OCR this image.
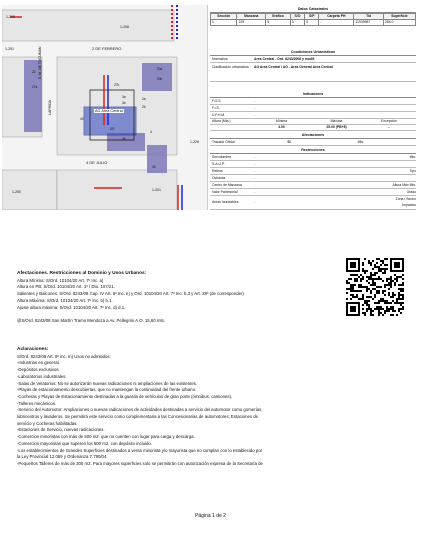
1-205
1-206
2 DE FEBRERO
1-251	S. M. DE TUCUMAN
LAPRIDA	AG Area Central
4 DE JULIO
1-226
1-250	1-201
20a
20b
27b
40
2a
2b
3a
3b
37f
38
4
26
22
27a
Datos Catastrales
Sección	Manzana	Gráfico	S/O	S/P	Carpeta PH	Tid	Superficie
1	229	9	3	0	-	11939987	284.0
Condiciones Urbanísticas
Normativa	Area Central - Ord. 8243/2008 y modif.
Clasificación urbanística	AG Area Central / AG - Area General Area Central
Indicadores
F.O.S.	-
F.I.S.	-
U.F.H.M.	-
Altura (Mts.)	Mínima	Máxima	Excepción
4.00	25.00 (PB+8)	-
Afectaciones
Trazado Oficial	SI	Mts.
Restricciones
Servidumbre	-	Mts.
S.A.U.P.	-
Retiros	-	Tipo
Ochavas	-
Centro de Manzana	-	Altura Máx Mts.
Valor Patrimonial	-	Grado
Areas Inundables	-
Zona / Sector
Impactos

Afectaciones. Restricciones al Dominio y Usos Urbanos:

Altura Mínima: S/Ord. 10104/20 Art. 7º Inc. a)

Altura en PB: S/Ord. 10104/20 Art. 1º / Dto. 107/21.

Salientes y Balcones: S/Ord. 8243/08 Cap. IV Art. 6º Inc. e) y Ord. 10104/20 Art. 7º Inc. b.3 y Art. 28º (de corresponder)

Altura Máxima: S/Ord. 10104/20 Art. 7º Inc. b) b.1.

Ajuste altura máxima: S/Ord. 10104/20 Art. 7º Inc. d) d.1.

@S/Ord. 8243/08 San Martín Tramo Mendoza a Av. Pellegrini A.O. 15,60 mts.

Aclaraciones:

S/Ord. 8243/08 Art. 8º inc. m) Usos no admitidos:

-Industrias en general.

-Depósitos exclusivos.

-Laboratorios industriales.

-Salas de Velatorios: No se autorizarán nuevas radicaciones ni ampliaciones de las existentes.

-Playas de estacionamiento descubiertas, que no mantengan la continuidad del frente urbano.

-Cocheras y Playas de Estacionamiento destinadas a la guarda de vehículos de gran porte (ómnibus, camiones).

-Talleres mecánicos.

-Servicio del Automotor: Ampliaciones o nuevas radicaciones de actividades destinadas a servicio del automotor como gomerías,

lubricentros y lavaderos. Se permitirá este servicio como complementaria a las Concesionarias de automotores, Estaciones de

servicio y Cocheras habilitadas.

-Estaciones de Servicio, nuevas radicaciones.

-Comercios minoristas con más de 500 m2. que no cuenten con lugar para carga y descarga.

-Comercios mayoristas que superen los 500 m2. con depósito incluido.

-Los establecimientos de Grandes Superficies destinados a venta minorista y/o mayorista que no cumplan con lo establecido por

la Ley Provincial 12.069 y Ordenanza 7.790/04.

-Pequeños Talleres de más de 300 m2. Para mayores superficies solo se permitirán con autorización expresa de la Secretaría de

Página 1 de 2
